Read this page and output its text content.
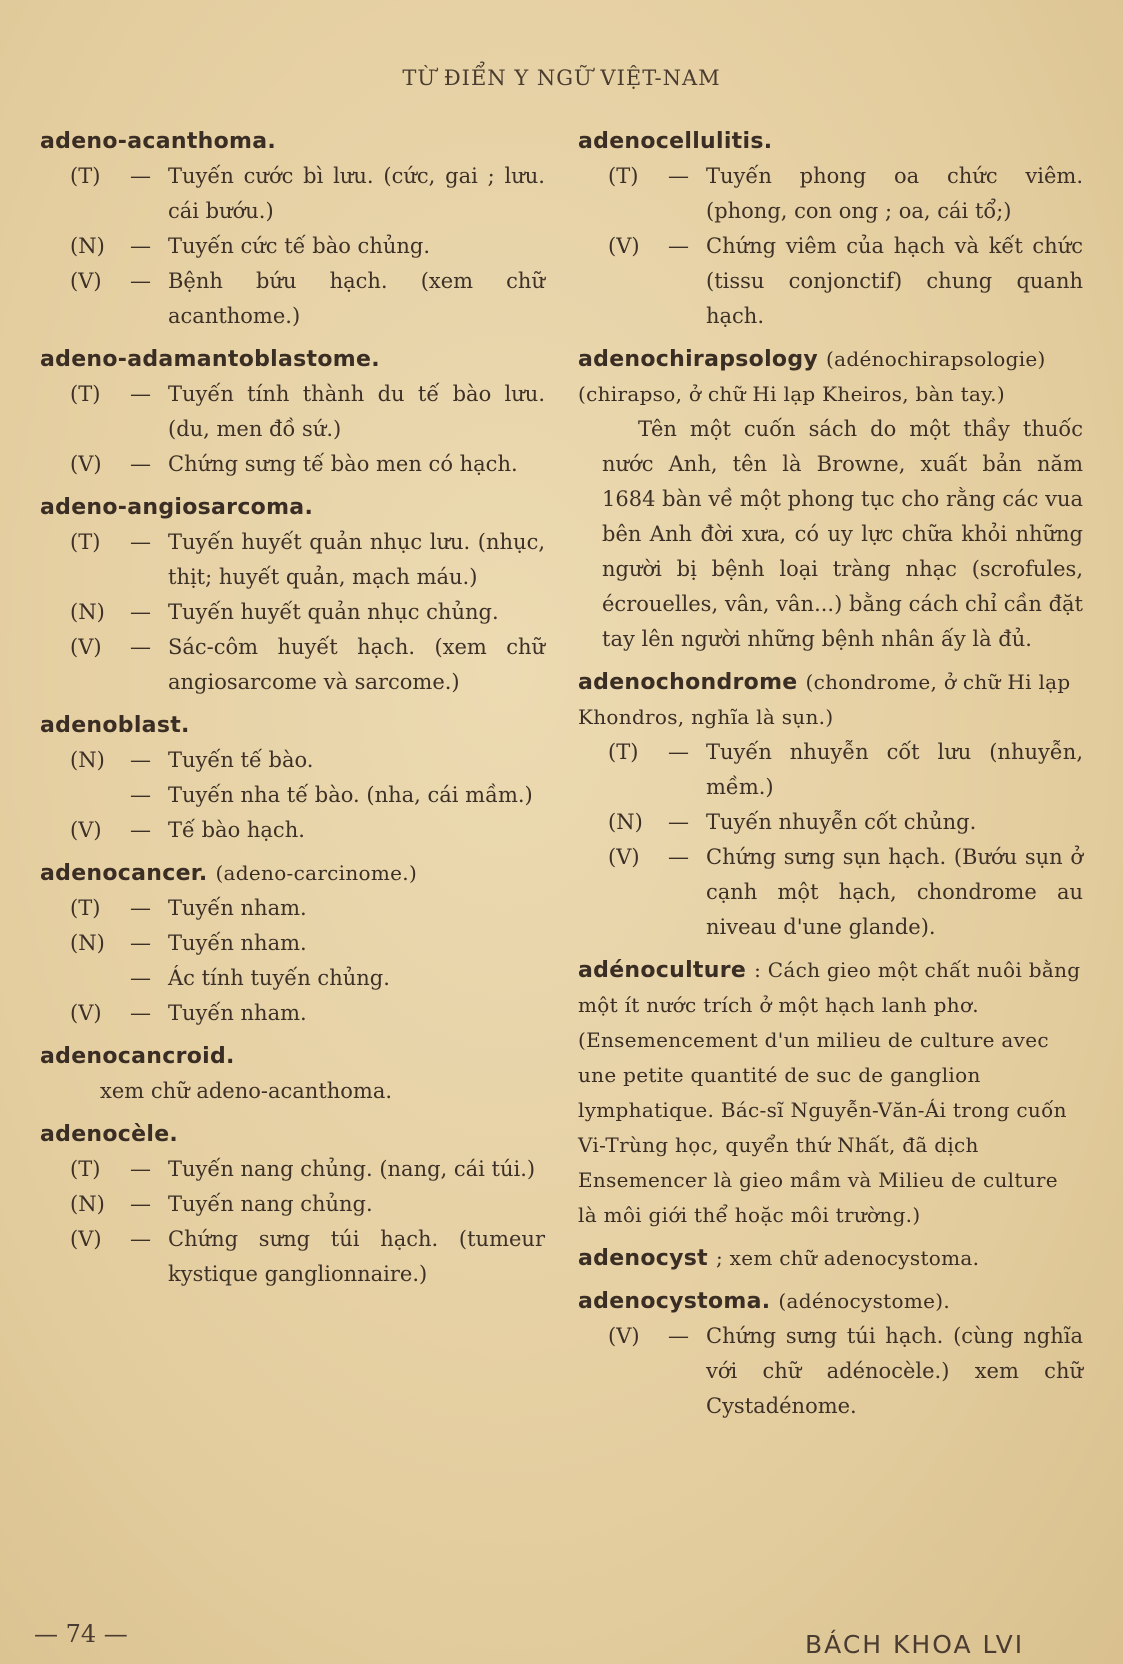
TỪ ĐIỂN Y NGỮ VIỆT-NAM
adeno-acanthoma.
(T)	— Tuyến cước bì lưu. (cức, gai ; lưu. cái bướu.)
(N)	— Tuyến cức tế bào chủng.
(V)	— Bệnh bứu hạch. (xem chữ acanthome.)
adeno-adamantoblastome.
(T)	— Tuyến tính thành du tế bào lưu. (du, men đồ sứ.)
(V)	— Chứng sưng tế bào men có hạch.
adeno-angiosarcoma.
(T)	— Tuyến huyết quản nhục lưu. (nhục, thịt; huyết quản, mạch máu.)
(N)	— Tuyến huyết quản nhục chủng.
(V)	— Sác-côm huyết hạch. (xem chữ angiosarcome và sarcome.)
adenoblast.
(N)	— Tuyến tế bào.
— Tuyến nha tế bào. (nha, cái mầm.)
(V)	— Tế bào hạch.
adenocancer. (adeno-carcinome.)
(T)	— Tuyến nham.
(N)	— Tuyến nham.
— Ác tính tuyến chủng.
(V)	— Tuyến nham.
adenocancroid.
xem chữ adeno-acanthoma.
adenocèle.
(T)	— Tuyến nang chủng. (nang, cái túi.)
(N)	— Tuyến nang chủng.
(V)	— Chứng sưng túi hạch. (tumeur kystique ganglionnaire.)
adenocellulitis.
(T)	— Tuyến phong oa chức viêm. (phong, con ong ; oa, cái tổ;)
(V)	— Chứng viêm của hạch và kết chức (tissu conjonctif) chung quanh hạch.
adenochirapsology (adénochirapsologie) (chirapso, ở chữ Hi lạp Kheiros, bàn tay.)
Tên một cuốn sách do một thầy thuốc nước Anh, tên là Browne, xuất bản năm 1684 bàn về một phong tục cho rằng các vua bên Anh đời xưa, có uy lực chữa khỏi những người bị bệnh loại tràng nhạc (scrofules, écrouelles, vân, vân...) bằng cách chỉ cần đặt tay lên người những bệnh nhân ấy là đủ.
adenochondrome (chondrome, ở chữ Hi lạp Khondros, nghĩa là sụn.)
(T)	— Tuyến nhuyễn cốt lưu (nhuyễn, mềm.)
(N)	— Tuyến nhuyễn cốt chủng.
(V)	— Chứng sưng sụn hạch. (Bướu sụn ở cạnh một hạch, chondrome au niveau d'une glande).
adénoculture : Cách gieo một chất nuôi bằng một ít nước trích ở một hạch lanh phơ. (Ensemencement d'un milieu de culture avec une petite quantité de suc de ganglion lymphatique. Bác-sĩ Nguyễn-Văn-Ái trong cuốn Vi-Trùng học, quyển thứ Nhất, đã dịch Ensemencer là gieo mầm và Milieu de culture là môi giới thể hoặc môi trường.)
adenocyst ; xem chữ adenocystoma.
adenocystoma. (adénocystome).
(V)	— Chứng sưng túi hạch. (cùng nghĩa với chữ adénocèle.) xem chữ Cystadénome.
— 74 —	BÁCH KHOA LVI
